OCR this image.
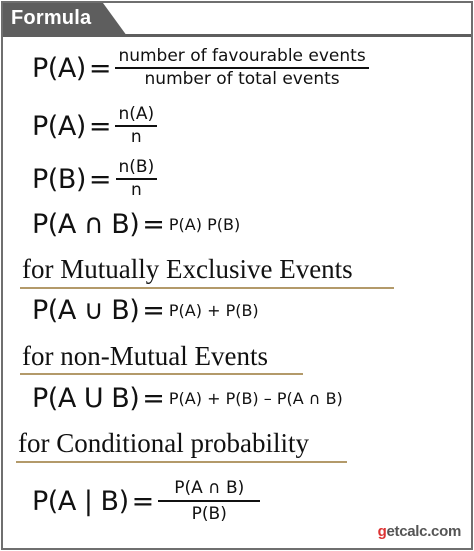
Formula
$P(A) = \frac{\text{number of favourable events}}{\text{number of total events}}$
$P(A) = \frac{n(A)}{n}$
$P(B) = \frac{n(B)}{n}$
P(A ∩ B) = P(A) P(B)
for Mutually Exclusive Events
P(A ∪ B) = P(A) + P(B)
for non-Mutual Events
P(A U B) = P(A) + P(B) – P(A ∩ B)
for Conditional probability
P(A | $B) = \frac{P(A \cap B)}{P(B)}$
getcalc.com
